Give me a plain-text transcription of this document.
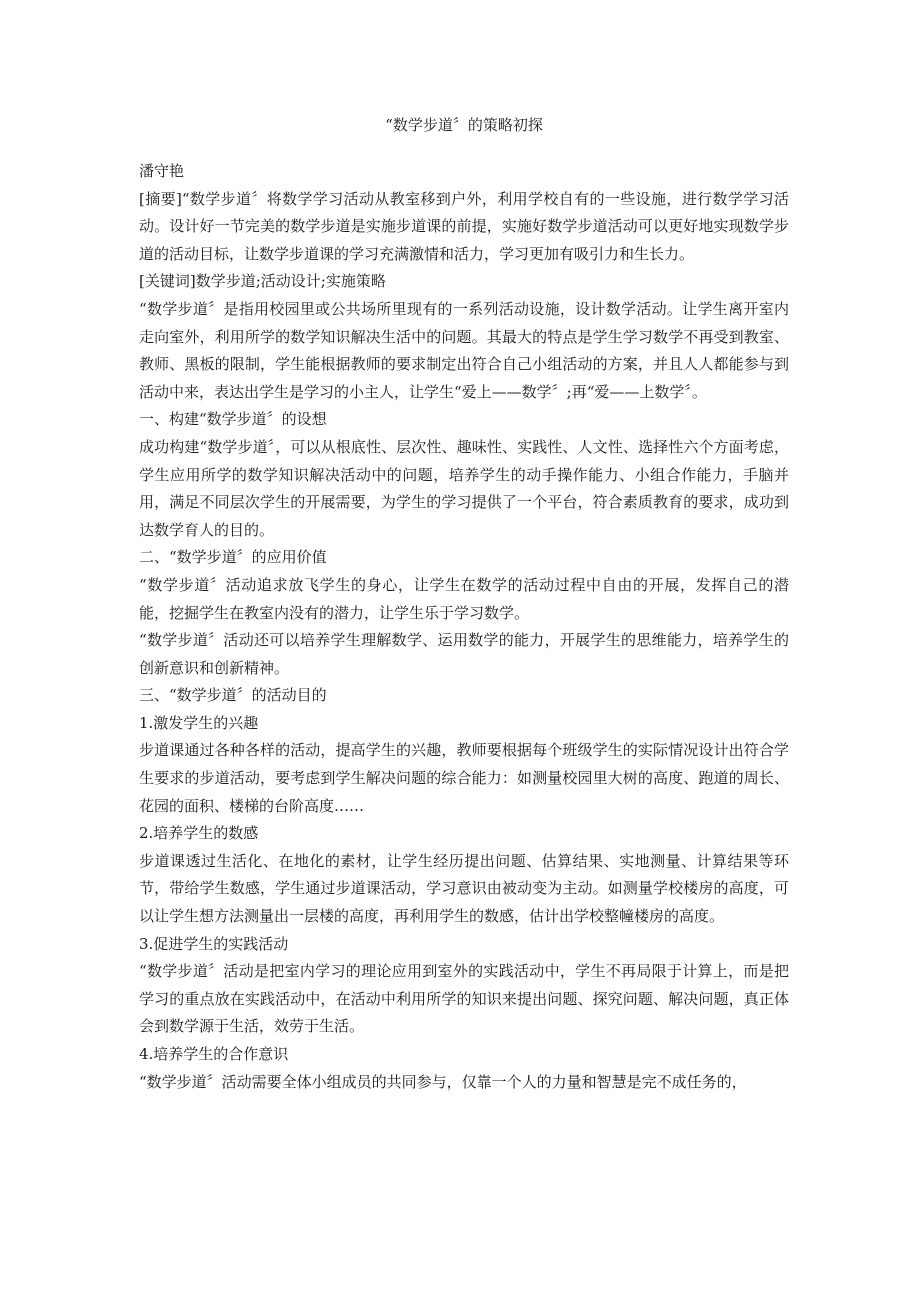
“数学步道〞的策略初探

潘守艳

[摘要]“数学步道〞将数学学习活动从教室移到户外，利用学校自有的一些设施，进行数学学习活动。设计好一节完美的数学步道是实施步道课的前提，实施好数学步道活动可以更好地实现数学步道的活动目标，让数学步道课的学习充满激情和活力，学习更加有吸引力和生长力。

[关键词]数学步道;活动设计;实施策略

“数学步道〞是指用校园里或公共场所里现有的一系列活动设施，设计数学活动。让学生离开室内走向室外，利用所学的数学知识解决生活中的问题。其最大的特点是学生学习数学不再受到教室、教师、黑板的限制，学生能根据教师的要求制定出符合自己小组活动的方案，并且人人都能参与到活动中来，表达出学生是学习的小主人，让学生“爱上——数学〞;再“爱——上数学〞。

一、构建“数学步道〞的设想

成功构建“数学步道〞，可以从根底性、层次性、趣味性、实践性、人文性、选择性六个方面考虑，学生应用所学的数学知识解决活动中的问题，培养学生的动手操作能力、小组合作能力，手脑并用，满足不同层次学生的开展需要，为学生的学习提供了一个平台，符合素质教育的要求，成功到达数学育人的目的。

二、“数学步道〞的应用价值

“数学步道〞活动追求放飞学生的身心，让学生在数学的活动过程中自由的开展，发挥自己的潜能，挖掘学生在教室内没有的潜力，让学生乐于学习数学。

“数学步道〞活动还可以培养学生理解数学、运用数学的能力，开展学生的思维能力，培养学生的创新意识和创新精神。

三、“数学步道〞的活动目的

1.激发学生的兴趣

步道课通过各种各样的活动，提高学生的兴趣，教师要根据每个班级学生的实际情况设计出符合学生要求的步道活动，要考虑到学生解决问题的综合能力：如测量校园里大树的高度、跑道的周长、花园的面积、楼梯的台阶高度……

2.培养学生的数感

步道课透过生活化、在地化的素材，让学生经历提出问题、估算结果、实地测量、计算结果等环节，带给学生数感，学生通过步道课活动，学习意识由被动变为主动。如测量学校楼房的高度，可以让学生想方法测量出一层楼的高度，再利用学生的数感，估计出学校整幢楼房的高度。

3.促进学生的实践活动

“数学步道〞活动是把室内学习的理论应用到室外的实践活动中，学生不再局限于计算上，而是把学习的重点放在实践活动中，在活动中利用所学的知识来提出问题、探究问题、解决问题，真正体会到数学源于生活，效劳于生活。

4.培养学生的合作意识

“数学步道〞活动需要全体小组成员的共同参与，仅靠一个人的力量和智慧是完不成任务的，
